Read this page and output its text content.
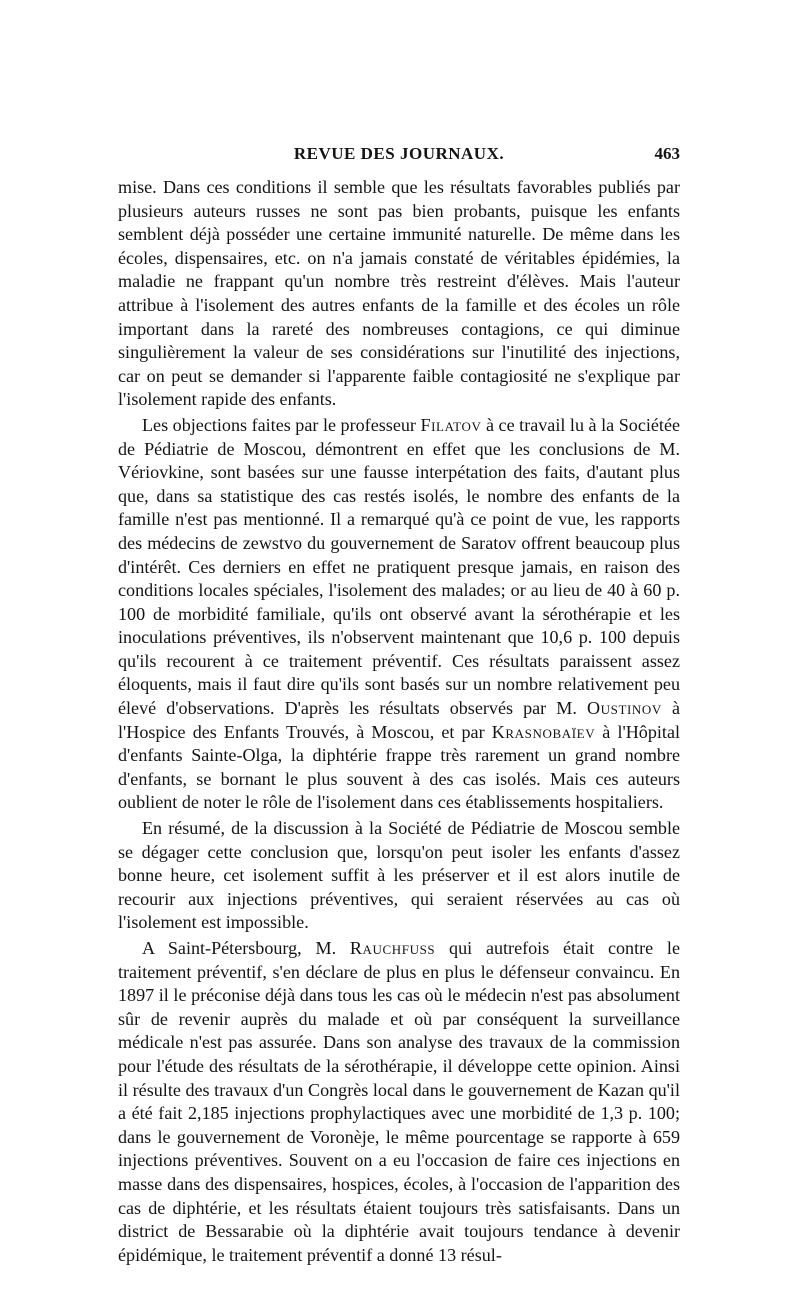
REVUE DES JOURNAUX.	463

mise. Dans ces conditions il semble que les résultats favorables publiés par plusieurs auteurs russes ne sont pas bien probants, puisque les enfants semblent déjà posséder une certaine immunité naturelle. De même dans les écoles, dispensaires, etc. on n'a jamais constaté de véritables épidémies, la maladie ne frappant qu'un nombre très restreint d'élèves. Mais l'auteur attribue à l'isolement des autres enfants de la famille et des écoles un rôle important dans la rareté des nombreuses contagions, ce qui diminue singulièrement la valeur de ses considérations sur l'inutilité des injections, car on peut se demander si l'apparente faible contagiosité ne s'explique par l'isolement rapide des enfants.

Les objections faites par le professeur Filatov à ce travail lu à la Sociétée de Pédiatrie de Moscou, démontrent en effet que les conclusions de M. Vériovkine, sont basées sur une fausse interpétation des faits, d'autant plus que, dans sa statistique des cas restés isolés, le nombre des enfants de la famille n'est pas mentionné. Il a remarqué qu'à ce point de vue, les rapports des médecins de zewstvo du gouvernement de Saratov offrent beaucoup plus d'intérêt. Ces derniers en effet ne pratiquent presque jamais, en raison des conditions locales spéciales, l'isolement des malades; or au lieu de 40 à 60 p. 100 de morbidité familiale, qu'ils ont observé avant la sérothérapie et les inoculations préventives, ils n'observent maintenant que 10,6 p. 100 depuis qu'ils recourent à ce traitement préventif. Ces résultats paraissent assez éloquents, mais il faut dire qu'ils sont basés sur un nombre relativement peu élevé d'observations. D'après les résultats observés par M. Oustinov à l'Hospice des Enfants Trouvés, à Moscou, et par Krasnobaïev à l'Hôpital d'enfants Sainte-Olga, la diphtérie frappe très rarement un grand nombre d'enfants, se bornant le plus souvent à des cas isolés. Mais ces auteurs oublient de noter le rôle de l'isolement dans ces établissements hospitaliers.

En résumé, de la discussion à la Société de Pédiatrie de Moscou semble se dégager cette conclusion que, lorsqu'on peut isoler les enfants d'assez bonne heure, cet isolement suffit à les préserver et il est alors inutile de recourir aux injections préventives, qui seraient réservées au cas où l'isolement est impossible.

A Saint-Pétersbourg, M. Rauchfuss qui autrefois était contre le traitement préventif, s'en déclare de plus en plus le défenseur convaincu. En 1897 il le préconise déjà dans tous les cas où le médecin n'est pas absolument sûr de revenir auprès du malade et où par conséquent la surveillance médicale n'est pas assurée. Dans son analyse des travaux de la commission pour l'étude des résultats de la sérothérapie, il développe cette opinion. Ainsi il résulte des travaux d'un Congrès local dans le gouvernement de Kazan qu'il a été fait 2,185 injections prophylactiques avec une morbidité de 1,3 p. 100; dans le gouvernement de Voronèje, le même pourcentage se rapporte à 659 injections préventives. Souvent on a eu l'occasion de faire ces injections en masse dans des dispensaires, hospices, écoles, à l'occasion de l'apparition des cas de diphtérie, et les résultats étaient toujours très satisfaisants. Dans un district de Bessarabie où la diphtérie avait toujours tendance à devenir épidémique, le traitement préventif a donné 13 résul-
